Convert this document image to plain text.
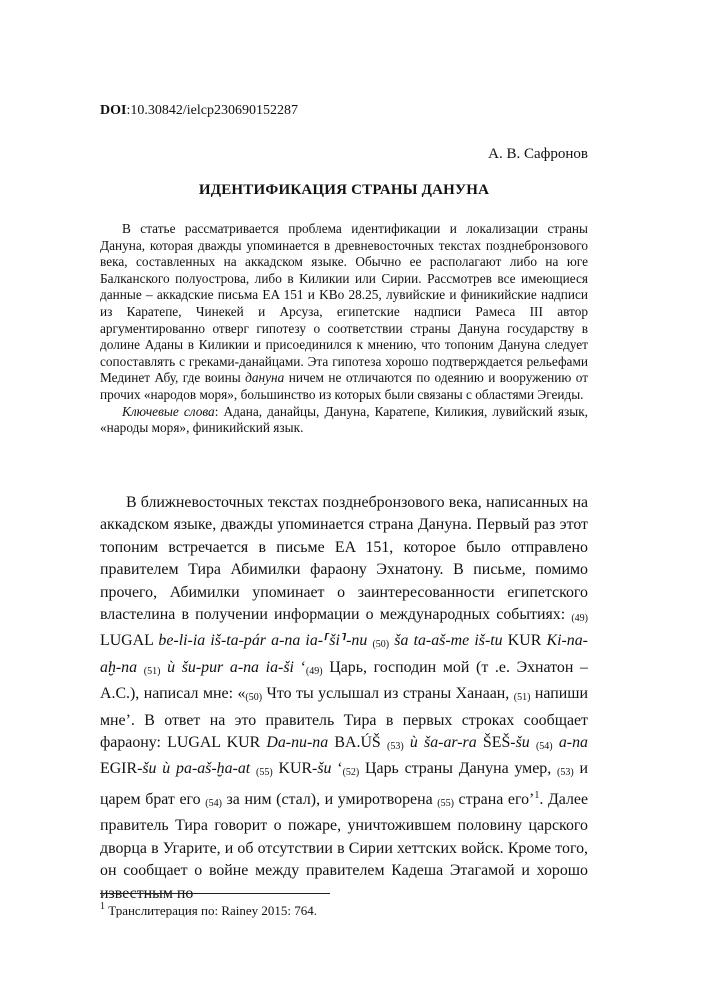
DOI:10.30842/ielcp230690152287
А. В. Сафронов
ИДЕНТИФИКАЦИЯ СТРАНЫ ДАНУНА

В статье рассматривается проблема идентификации и локализации страны Дануна, которая дважды упоминается в древневосточных текстах позднебронзового века, составленных на аккадском языке. Обычно ее располагают либо на юге Балканского полуострова, либо в Киликии или Сирии. Рассмотрев все имеющиеся данные – аккадские письма EA 151 и KBo 28.25, лувийские и финикийские надписи из Каратепе, Чинекей и Арсуза, египетские надписи Рамеса III автор аргументированно отверг гипотезу о соответствии страны Дануна государству в долине Аданы в Киликии и присоединился к мнению, что топоним Дануна следует сопоставлять с греками-данайцами. Эта гипотеза хорошо подтверждается рельефами Мединет Абу, где воины дануна ничем не отличаются по одеянию и вооружению от прочих «народов моря», большинство из которых были связаны с областями Эгеиды.

Ключевые слова: Адана, данайцы, Дануна, Каратепе, Киликия, лувийский язык, «народы моря», финикийский язык.

В ближневосточных текстах позднебронзового века, написанных на аккадском языке, дважды упоминается страна Дануна. Первый раз этот топоним встречается в письме EA 151, которое было отправлено правителем Тира Абимилки фараону Эхнатону. В письме, помимо прочего, Абимилки упоминает о заинтересованности египетского властелина в получении информации о международных событиях: $_{(49)}$ LUGAL be-li-ia iš-ta-pár a-na ia-⸢ši⸣-nu $_{(50)}$ ša ta-aš-me iš-tu KUR Ki-na-aḫ-na $_{(51)}$ ù šu-pur a-na ia-ši ‘$_{(49)}$ Царь, господин мой (т .е. Эхнатон – А.С.), написал мне: «$_{(50)}$ Что ты услышал из страны Ханаан, $_{(51)}$ напиши мне’. В ответ на это правитель Тира в первых строках сообщает фараону: LUGAL KUR Da-nu-na BA.ÚŠ $_{(53)}$ ù ša-ar-ra ŠEŠ-šu $_{(54)}$ a-na EGIR-šu ù pa-aš-ḫa-at $_{(55)}$ KUR-šu ‘$_{(52)}$ Царь страны Дануна умер, $_{(53)}$ и царем брат его $_{(54)}$ за ним (стал), и умиротворена $_{(55)}$ страна его’$^1$. Далее правитель Тира говорит о пожаре, уничтожившем половину царского дворца в Угарите, и об отсутствии в Сирии хеттских войск. Кроме того, он сообщает о войне между правителем Кадеша Этагамой и хорошо известным по

$^1$ Транслитерация по: Rainey 2015: 764.
